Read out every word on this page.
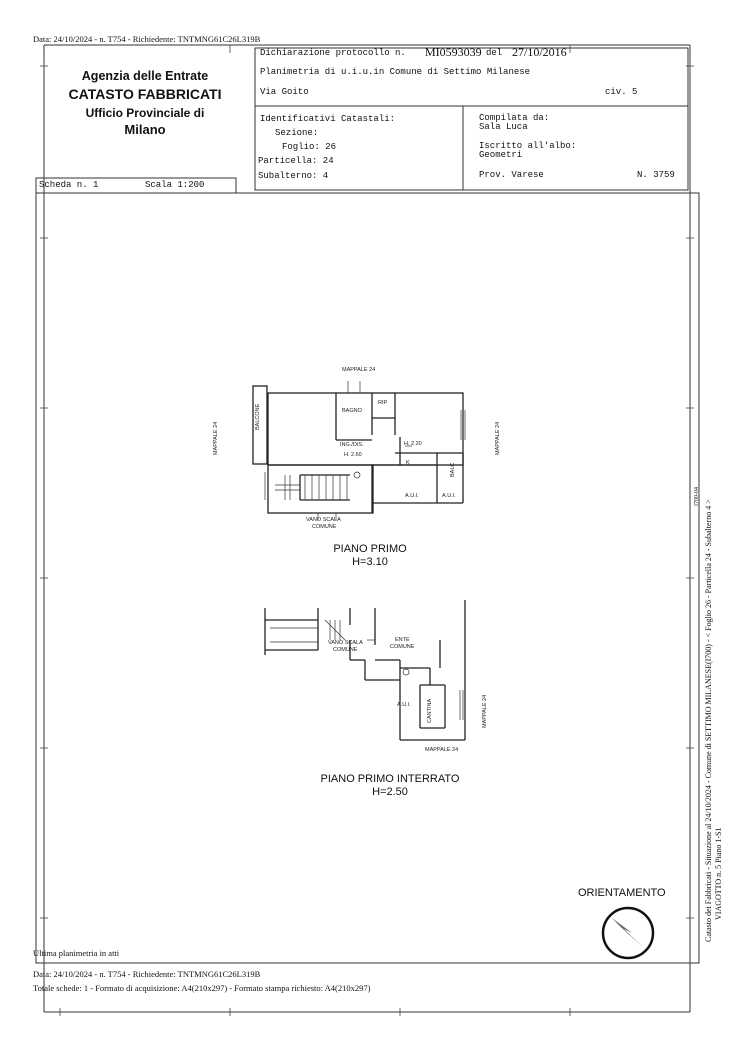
Data: 24/10/2024 - n. T754 - Richiedente: TNTMNG61C26L319B
Agenzia delle Entrate
CATASTO FABBRICATI
Ufficio Provinciale di
Milano
Dichiarazione protocollo n. MI0593039 del 27/10/2016
Planimetria di u.i.u.in Comune di Settimo Milanese
Via Goito	civ. 5
Identificativi Catastali:
Sezione:
Foglio: 26
Particella: 24
Subalterno: 4
Compilata da:
Sala Luca
Iscritto all'albo:
Geometri
Prov. Varese	N. 3759
Scheda n. 1	Scala 1:200
MAPPALE 24
MAPPALE 24	MAPPALE 24
BALCONE	BAGNO
RIP
ING./DIS.
H. 2.60
H. 2.20
K	BALC
A.U.I.	A.U.I.
VANO SCALA
COMUNE
PIANO PRIMO
H=3.10
VANO SCALA
COMUNE
ENTE
COMUNE
A.U.I.	CANTINA	MAPPALE 24
MAPPALE 24
PIANO PRIMO INTERRATO
H=2.50
ORIENTAMENTO	Catasto dei Fabbricati - Situazione al 24/10/2024 - Comune di SETTIMO MILANESE(I700) - < Foglio 26 - Particella 24 - Subalterno 4 > VIAGOTTO n. 5 Piano 1-S1
I700-04
Ultima planimetria in atti
Data: 24/10/2024 - n. T754 - Richiedente: TNTMNG61C26L319B
Totale schede: 1 - Formato di acquisizione: A4(210x297) - Formato stampa richiesto: A4(210x297)
